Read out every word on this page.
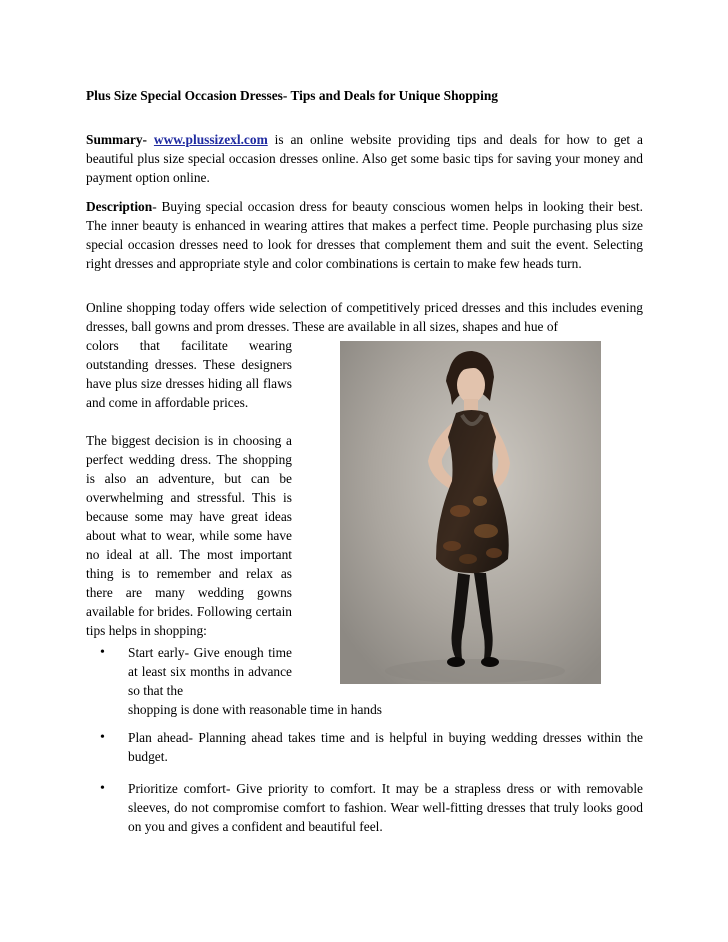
Plus Size Special Occasion Dresses- Tips and Deals for Unique Shopping

Summary- www.plussizexl.com is an online website providing tips and deals for how to get a beautiful plus size special occasion dresses online. Also get some basic tips for saving your money and payment option online.

Description- Buying special occasion dress for beauty conscious women helps in looking their best. The inner beauty is enhanced in wearing attires that makes a perfect time. People purchasing plus size special occasion dresses need to look for dresses that complement them and suit the event. Selecting right dresses and appropriate style and color combinations is certain to make few heads turn.

Online shopping today offers wide selection of competitively priced dresses and this includes evening dresses, ball gowns and prom dresses. These are available in all sizes, shapes and hue of

colors that facilitate wearing outstanding dresses. These designers have plus size dresses hiding all flaws and come in affordable prices.

The biggest decision is in choosing a perfect wedding dress. The shopping is also an adventure, but can be overwhelming and stressful. This is because some may have great ideas about what to wear, while some have no ideal at all. The most important thing is to remember and relax as there are many wedding gowns available for brides. Following certain tips helps in shopping:

• Start early- Give enough time at least six months in advance so that the
shopping is done with reasonable time in hands
• Plan ahead- Planning ahead takes time and is helpful in buying wedding dresses within the budget.
• Prioritize comfort- Give priority to comfort. It may be a strapless dress or with removable sleeves, do not compromise comfort to fashion. Wear well-fitting dresses that truly looks good on you and gives a confident and beautiful feel.
